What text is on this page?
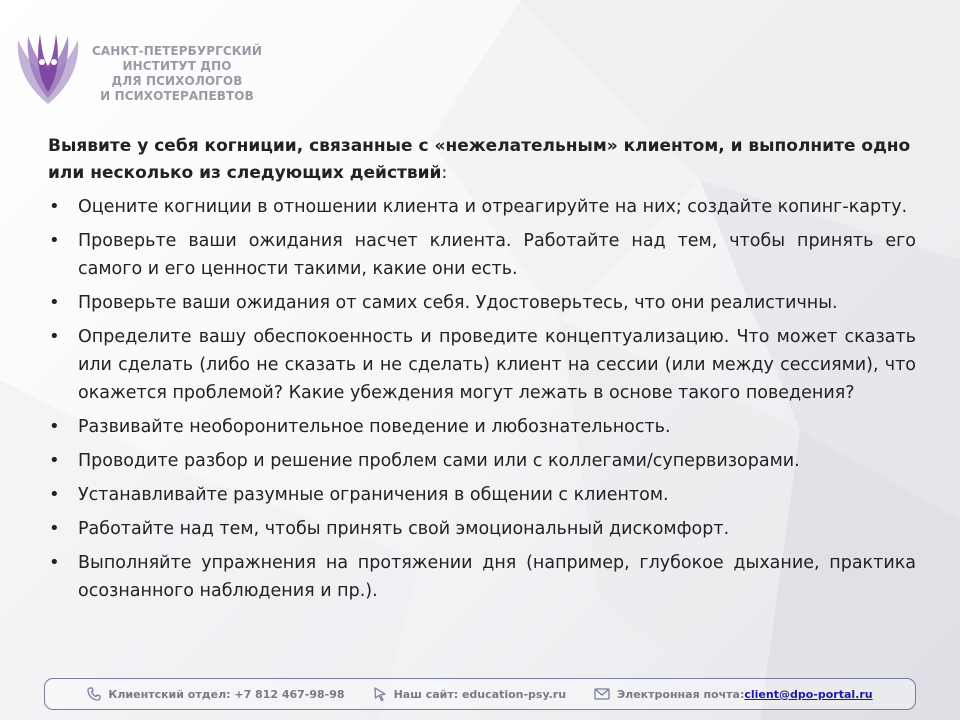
САНКТ-ПЕТЕРБУРГСКИЙ
ИНСТИТУТ ДПО
ДЛЯ ПСИХОЛОГОВ
И ПСИХОТЕРАПЕВТОВ
Выявите у себя когниции, связанные с «нежелательным» клиентом, и выполните одно или несколько из следующих действий:
• Оцените когниции в отношении клиента и отреагируйте на них; создайте копинг-карту.
• Проверьте ваши ожидания насчет клиента. Работайте над тем, чтобы принять его самого и его ценности такими, какие они есть.
• Проверьте ваши ожидания от самих себя. Удостоверьтесь, что они реалистичны.
• Определите вашу обеспокоенность и проведите концептуализацию. Что может сказать или сделать (либо не сказать и не сделать) клиент на сессии (или между сессиями), что окажется проблемой? Какие убеждения могут лежать в основе такого поведения?
• Развивайте необоронительное поведение и любознательность.
• Проводите разбор и решение проблем сами или с коллегами/супервизорами.
• Устанавливайте разумные ограничения в общении с клиентом.
• Работайте над тем, чтобы принять свой эмоциональный дискомфорт.
• Выполняйте упражнения на протяжении дня (например, глубокое дыхание, практика осознанного наблюдения и пр.).
Клиентский отдел: +7 812 467-98-98	Наш сайт: education-psy.ru	Электронная почта: client@dpo-portal.ru
